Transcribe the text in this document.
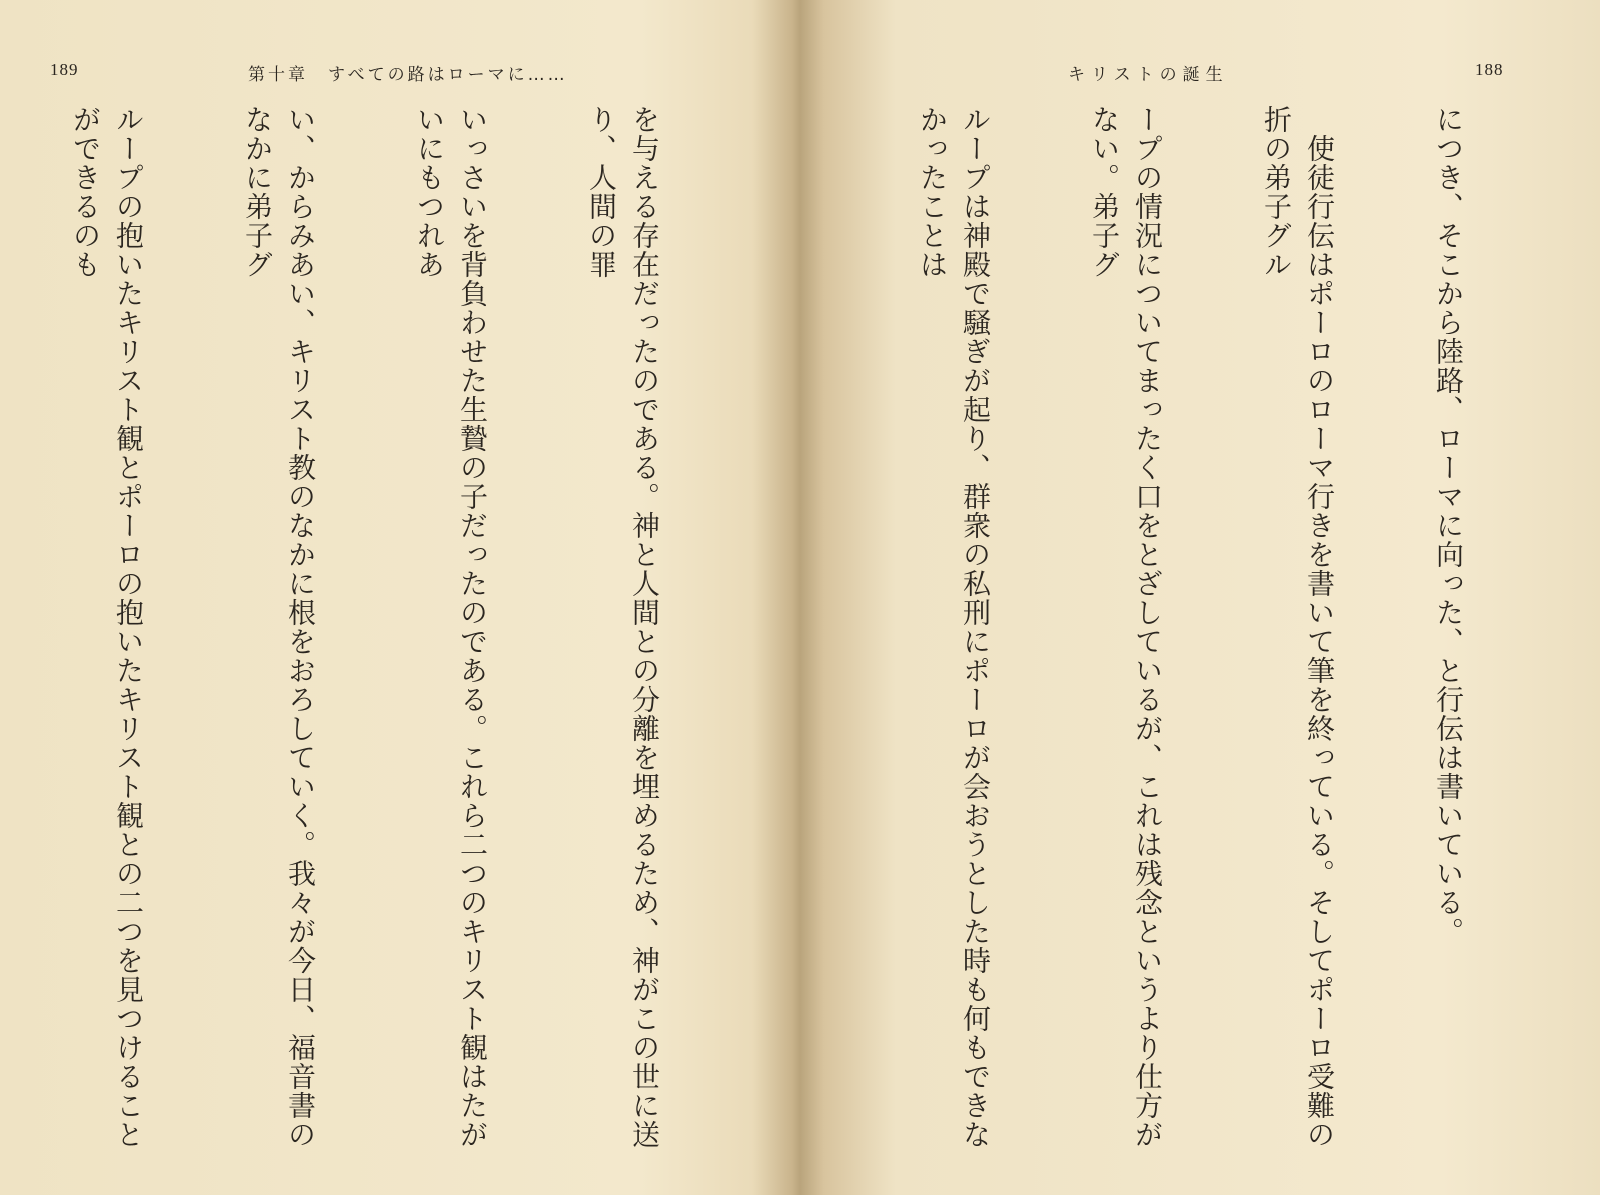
189	第十章　すべての路はローマに……

を与える存在だったのである。神と人間との分離を埋めるため、神がこの世に送り、人間の罪

いっさいを背負わせた生贄の子だったのである。これら二つのキリスト観はたがいにもつれあ

い、からみあい、キリスト教のなかに根をおろしていく。我々が今日、福音書のなかに弟子グ

ループの抱いたキリスト観とポーロの抱いたキリスト観との二つを見つけることができるのも

キリストの誕生	188

につき、そこから陸路、ローマに向った、と行伝は書いている。

　使徒行伝はポーロのローマ行きを書いて筆を終っている。そしてポーロ受難の折の弟子グル

ープの情況についてまったく口をとざしているが、これは残念というより仕方がない。弟子グ

ループは神殿で騒ぎが起り、群衆の私刑にポーロが会おうとした時も何もできなかったことは
